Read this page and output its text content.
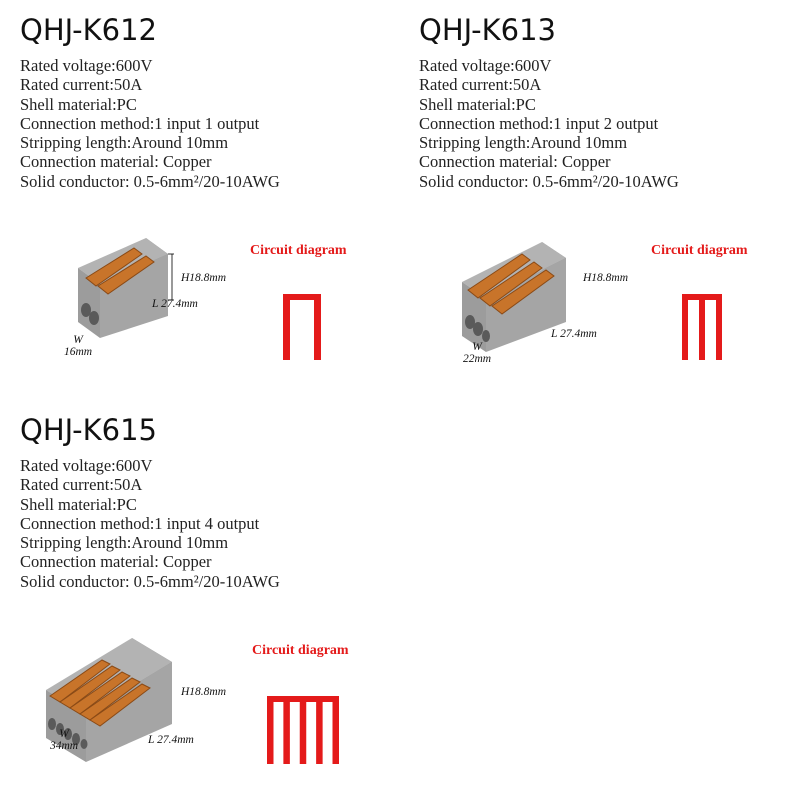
QHJ-K612
Rated voltage:600V
Rated current:50A
Shell material:PC
Connection method:1 input 1 output
Stripping length:Around 10mm
Connection material: Copper
Solid conductor: 0.5-6mm²/20-10AWG
H18.8mm
L 27.4mm
W
16mm
Circuit diagram
QHJ-K613
Rated voltage:600V
Rated current:50A
Shell material:PC
Connection method:1 input 2 output
Stripping length:Around 10mm
Connection material: Copper
Solid conductor: 0.5-6mm²/20-10AWG
H18.8mm
L 27.4mm
W
22mm
Circuit diagram
QHJ-K615
Rated voltage:600V
Rated current:50A
Shell material:PC
Connection method:1 input 4 output
Stripping length:Around 10mm
Connection material: Copper
Solid conductor: 0.5-6mm²/20-10AWG
H18.8mm
L 27.4mm
W
34mm
Circuit diagram
